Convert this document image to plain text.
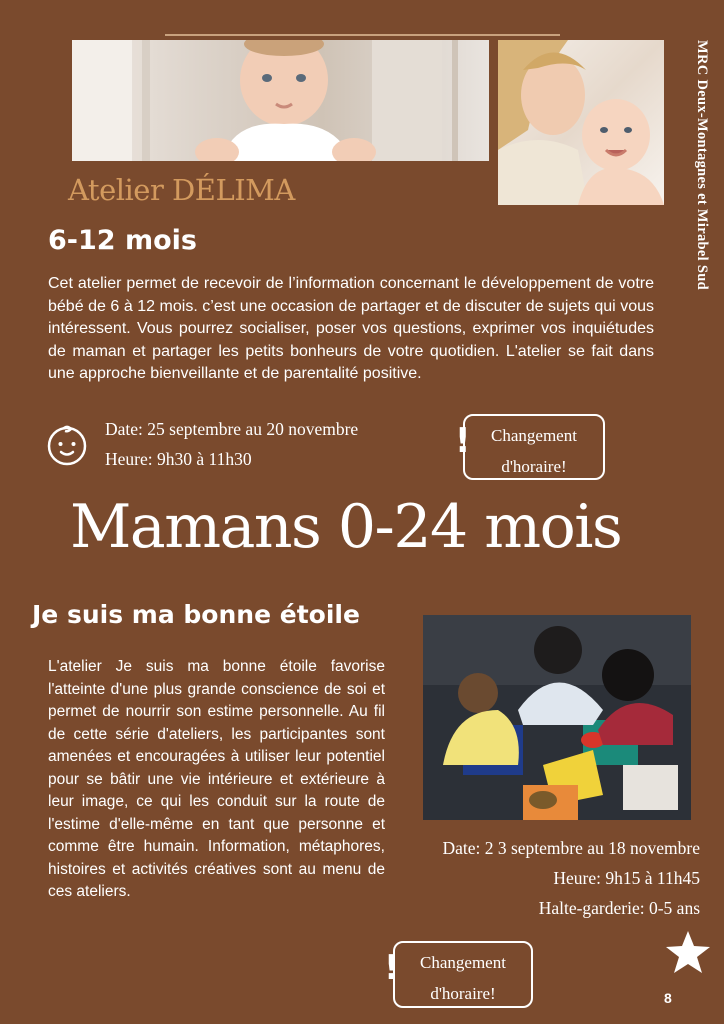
MRC Deux-Montagnes et Mirabel Sud
Atelier DÉLIMA
6-12 mois
Cet atelier permet de recevoir de l’information concernant le développement de votre bébé de 6 à 12 mois. c’est une occasion de partager et de discuter de sujets qui vous intéressent. Vous pourrez socialiser, poser vos questions, exprimer vos inquiétudes de maman et partager les petits bonheurs de votre quotidien. L'atelier se fait dans une approche bienveillante et de parentalité positive.
Date: 25 septembre au 20 novembre
Heure: 9h30 à 11h30
Changement
d'horaire!
!
Mamans 0-24 mois
Je suis ma bonne étoile
L'atelier Je suis ma bonne étoile favorise l'atteinte d'une plus grande conscience de soi et permet de nourrir son estime personnelle. Au fil de cette série d'ateliers, les participantes sont amenées et encouragées à utiliser leur potentiel pour se bâtir une vie intérieure et extérieure à leur image, ce qui les conduit sur la route de l'estime d'elle-même en tant que personne et comme être humain. Information, métaphores, histoires et activités créatives sont au menu de ces ateliers.
Date: 2 3 septembre au 18 novembre
Heure: 9h15 à 11h45
Halte-garderie: 0-5 ans
Changement
d'horaire!
!
8
